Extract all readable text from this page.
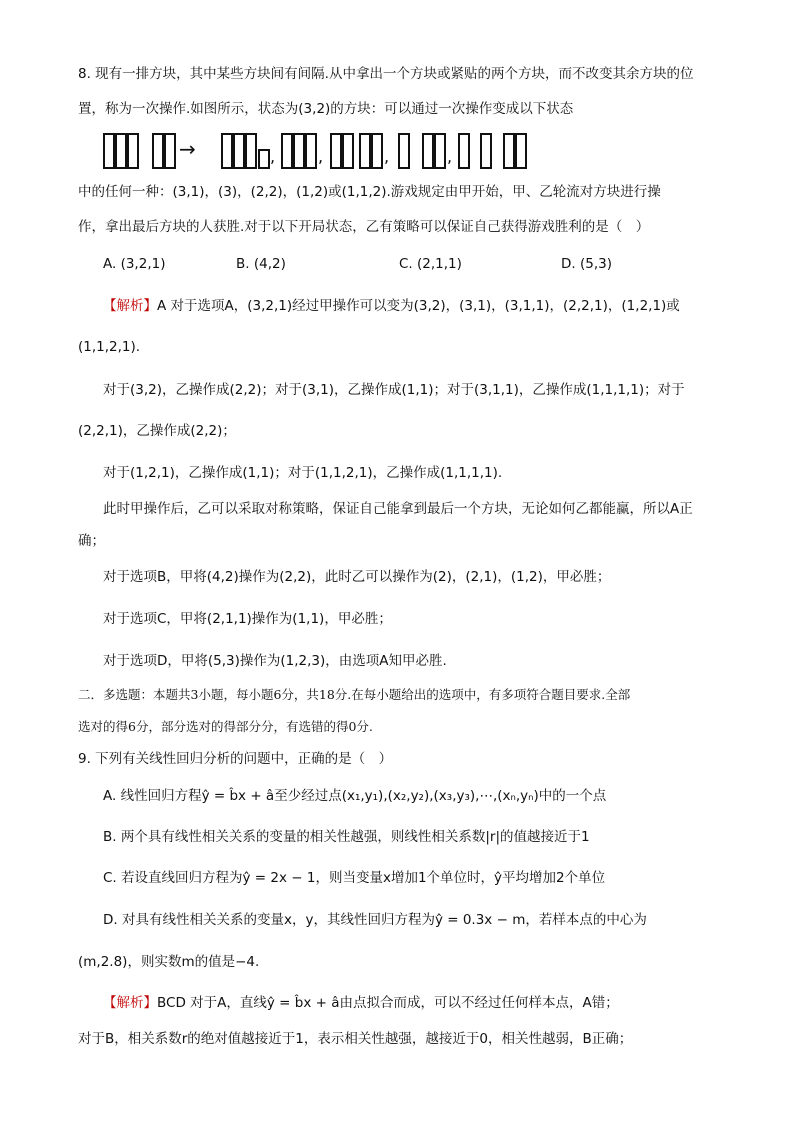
8. 现有一排方块，其中某些方块间有间隔.从中拿出一个方块或紧贴的两个方块，而不改变其余方块的位
置，称为一次操作.如图所示，状态为(3,2)的方块：可以通过一次操作变成以下状态
→	,	,	,	,
中的任何一种：(3,1)，(3)，(2,2)，(1,2)或(1,1,2).游戏规定由甲开始，甲、乙轮流对方块进行操
作，拿出最后方块的人获胜.对于以下开局状态，乙有策略可以保证自己获得游戏胜利的是（　）
A. (3,2,1)	B. (4,2)	C. (2,1,1)	D. (5,3)
【解析】A 对于选项A，(3,2,1)经过甲操作可以变为(3,2)，(3,1)，(3,1,1)，(2,2,1)，(1,2,1)或
(1,1,2,1).
对于(3,2)，乙操作成(2,2)；对于(3,1)，乙操作成(1,1)；对于(3,1,1)，乙操作成(1,1,1,1)；对于
(2,2,1)，乙操作成(2,2)；
对于(1,2,1)，乙操作成(1,1)；对于(1,1,2,1)，乙操作成(1,1,1,1).
此时甲操作后，乙可以采取对称策略，保证自己能拿到最后一个方块，无论如何乙都能赢，所以A正
确；
对于选项B，甲将(4,2)操作为(2,2)，此时乙可以操作为(2)，(2,1)，(1,2)，甲必胜；
对于选项C，甲将(2,1,1)操作为(1,1)，甲必胜；
对于选项D，甲将(5,3)操作为(1,2,3)，由选项A知甲必胜.
二．多选题：本题共3小题，每小题6分，共18分.在每小题给出的选项中，有多项符合题目要求.全部
选对的得6分，部分选对的得部分分，有选错的得0分.
9. 下列有关线性回归分析的问题中，正确的是（　）
A. 线性回归方程ŷ = b̂x + â至少经过点(x₁,y₁),(x₂,y₂),(x₃,y₃),⋯,(xₙ,yₙ)中的一个点
B. 两个具有线性相关关系的变量的相关性越强，则线性相关系数|r|的值越接近于1
C. 若设直线回归方程为ŷ = 2x − 1，则当变量x增加1个单位时，ŷ平均增加2个单位
D. 对具有线性相关关系的变量x，y，其线性回归方程为ŷ = 0.3x − m，若样本点的中心为
(m,2.8)，则实数m的值是−4.
【解析】BCD 对于A，直线ŷ = b̂x + â由点拟合而成，可以不经过任何样本点，A错；
对于B，相关系数r的绝对值越接近于1，表示相关性越强，越接近于0，相关性越弱，B正确；
